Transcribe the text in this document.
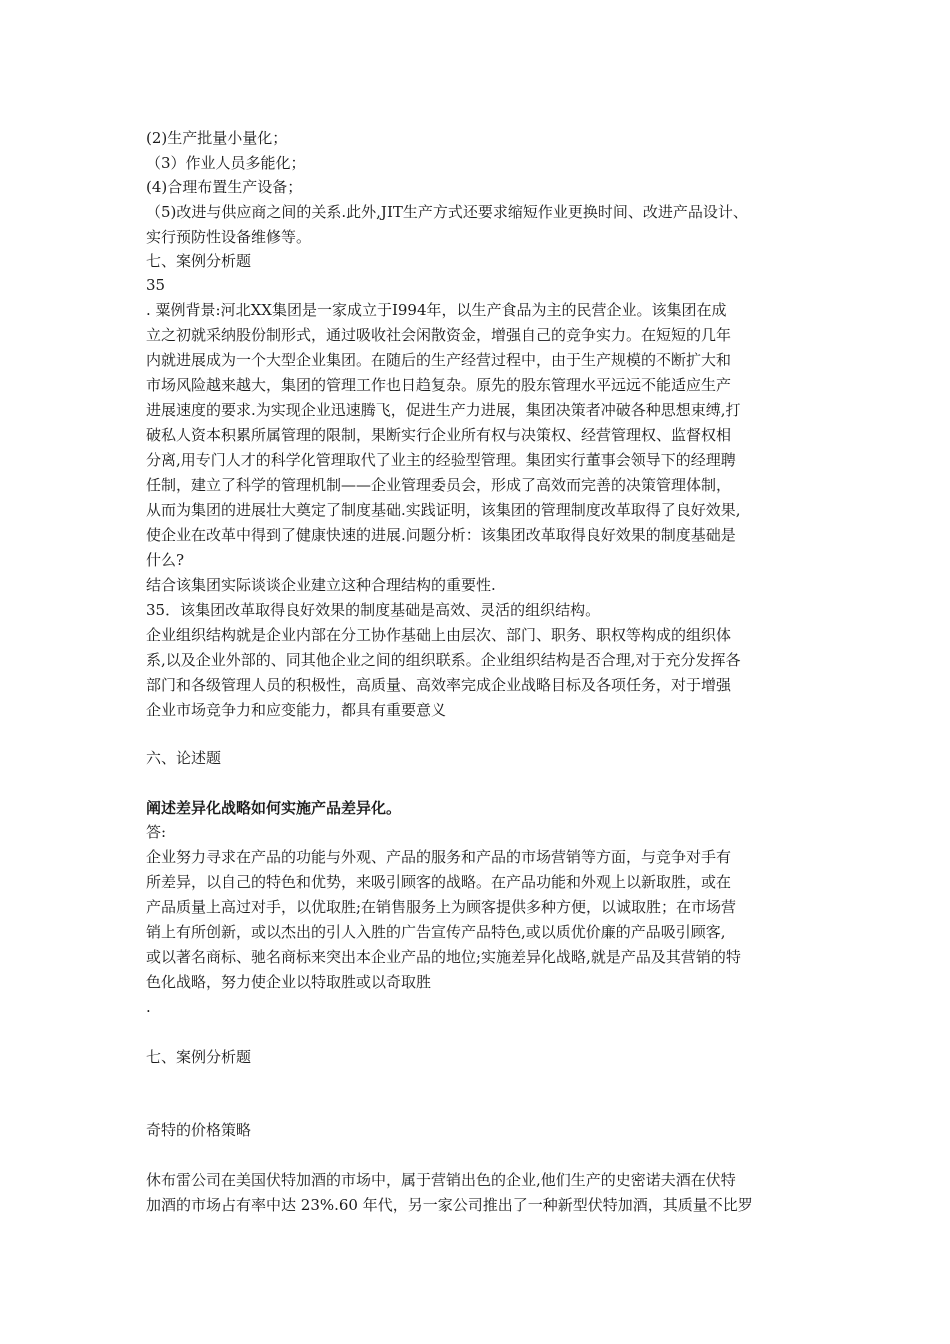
(2)生产批量小量化；
（3）作业人员多能化；
(4)合理布置生产设备；
（5)改进与供应商之间的关系.此外,JIT生产方式还要求缩短作业更换时间、改进产品设计、
实行预防性设备维修等。
七、案例分析题
35
. 粟例背景:河北XX集团是一家成立于I994年，以生产食品为主的民营企业。该集团在成
立之初就采纳股份制形式，通过吸收社会闲散资金，增强自己的竞争实力。在短短的几年
内就进展成为一个大型企业集团。在随后的生产经营过程中，由于生产规模的不断扩大和
市场风险越来越大，集团的管理工作也日趋复杂。原先的股东管理水平远远不能适应生产
进展速度的要求.为实现企业迅速腾飞，促进生产力进展，集团决策者冲破各种思想束缚,打
破私人资本积累所属管理的限制，果断实行企业所有权与决策权、经营管理权、监督权相
分离,用专门人才的科学化管理取代了业主的经验型管理。集团实行董事会领导下的经理聘
任制，建立了科学的管理机制——企业管理委员会，形成了高效而完善的决策管理体制，
从而为集团的进展壮大奠定了制度基础.实践证明，该集团的管理制度改革取得了良好效果,
使企业在改革中得到了健康快速的进展.问题分析：该集团改革取得良好效果的制度基础是
什么?
结合该集团实际谈谈企业建立这种合理结构的重要性.
35．该集团改革取得良好效果的制度基础是高效、灵活的组织结构。
企业组织结构就是企业内部在分工协作基础上由层次、部门、职务、职权等构成的组织体
系,以及企业外部的、同其他企业之间的组织联系。企业组织结构是否合理,对于充分发挥各
部门和各级管理人员的积极性，高质量、高效率完成企业战略目标及各项任务，对于增强
企业市场竞争力和应变能力，都具有重要意义
六、论述题
阐述差异化战略如何实施产品差异化。
答:
企业努力寻求在产品的功能与外观、产品的服务和产品的市场营销等方面，与竞争对手有
所差异，以自己的特色和优势，来吸引顾客的战略。在产品功能和外观上以新取胜，或在
产品质量上高过对手，以优取胜;在销售服务上为顾客提供多种方便，以诚取胜；在市场营
销上有所创新，或以杰出的引人入胜的广告宣传产品特色,或以质优价廉的产品吸引顾客,
或以著名商标、驰名商标来突出本企业产品的地位;实施差异化战略,就是产品及其营销的特
色化战略，努力使企业以特取胜或以奇取胜
.
七、案例分析题
奇特的价格策略
休布雷公司在美国伏特加酒的市场中，属于营销出色的企业,他们生产的史密诺夫酒在伏特
加酒的市场占有率中达 23%.60 年代，另一家公司推出了一种新型伏特加酒，其质量不比罗
